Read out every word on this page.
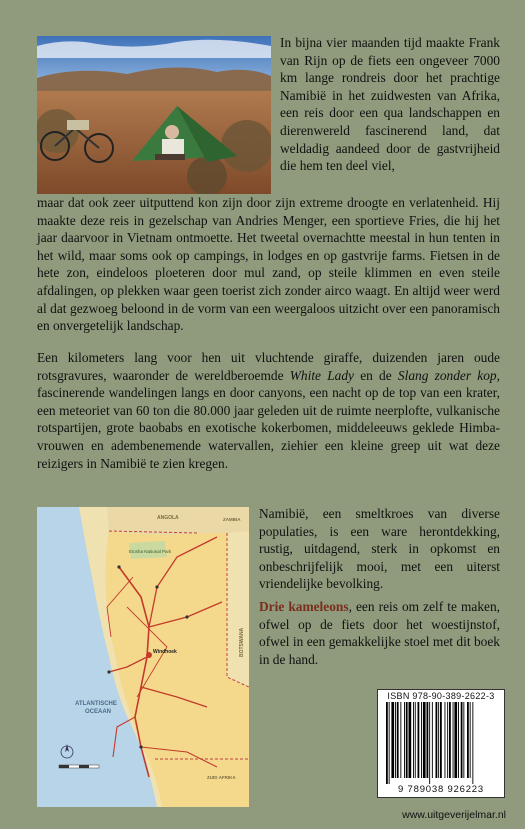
In bijna vier maanden tijd maakte Frank van Rijn op de fiets een ongeveer 7000 km lange rondreis door het prachtige Namibië in het zuidwesten van Afrika, een reis door een qua landschappen en dierenwereld fascinerend land, dat weldadig aandeed door de gastvrijheid die hem ten deel viel,
maar dat ook zeer uitputtend kon zijn door zijn extreme droogte en verlatenheid. Hij maakte deze reis in gezelschap van Andries Menger, een sportieve Fries, die hij het jaar daarvoor in Vietnam ontmoette. Het tweetal overnachtte meestal in hun tenten in het wild, maar soms ook op campings, in lodges en op gastvrije farms. Fietsen in de hete zon, eindeloos ploeteren door mul zand, op steile klimmen en even steile afdalingen, op plekken waar geen toerist zich zonder airco waagt. En altijd weer werd al dat gezwoeg beloond in de vorm van een weergaloos uitzicht over een panoramisch en onvergetelijk landschap.
Een kilometers lang voor hen uit vluchtende giraffe, duizenden jaren oude rotsgravures, waaronder de wereldberoemde White Lady en de Slang zonder kop, fascinerende wandelingen langs en door canyons, een nacht op de top van een krater, een meteoriet van 60 ton die 80.000 jaar geleden uit de ruimte neerplofte, vulkanische rotspartijen, grote baobabs en exotische kokerbomen, middeleeuws geklede Himba-vrouwen en adembenemende watervallen, ziehier een kleine greep uit wat deze reizigers in Namibië te zien kregen.
ATLANTISCHE
OCEAAN
ANGOLA	ZAMBIA
BOTSWANA
ZUID AFRIKA
Windhoek
Etosha National Park
Namibië, een smeltkroes van diverse populaties, is een ware herontdekking, rustig, uitdagend, sterk in opkomst en onbeschrijfelijk mooi, met een uiterst vriendelijke bevolking.
Drie kameleons, een reis om zelf te maken, ofwel op de fiets door het woestijnstof, ofwel in een gemakkelijke stoel met dit boek in de hand.
ISBN 978-90-389-2622-3
9 789038 926223
www.uitgeverijelmar.nl
